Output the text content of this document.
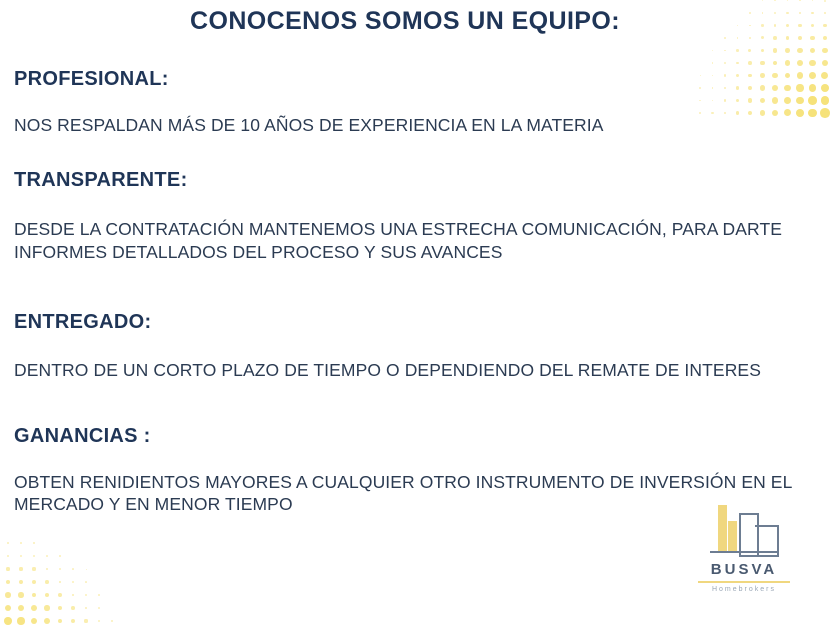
CONOCENOS SOMOS UN EQUIPO:
PROFESIONAL:
NOS RESPALDAN MÁS DE 10 AÑOS DE EXPERIENCIA EN LA MATERIA
TRANSPARENTE:
DESDE LA CONTRATACIÓN MANTENEMOS UNA ESTRECHA COMUNICACIÓN, PARA DARTE INFORMES DETALLADOS DEL PROCESO Y SUS AVANCES
ENTREGADO:
DENTRO DE UN CORTO PLAZO DE TIEMPO O DEPENDIENDO DEL REMATE DE INTERES
GANANCIAS :
OBTEN RENIDIENTOS MAYORES A CUALQUIER OTRO INSTRUMENTO DE INVERSIÓN EN EL MERCADO Y EN MENOR TIEMPO
BUSVA
Homebrokers
